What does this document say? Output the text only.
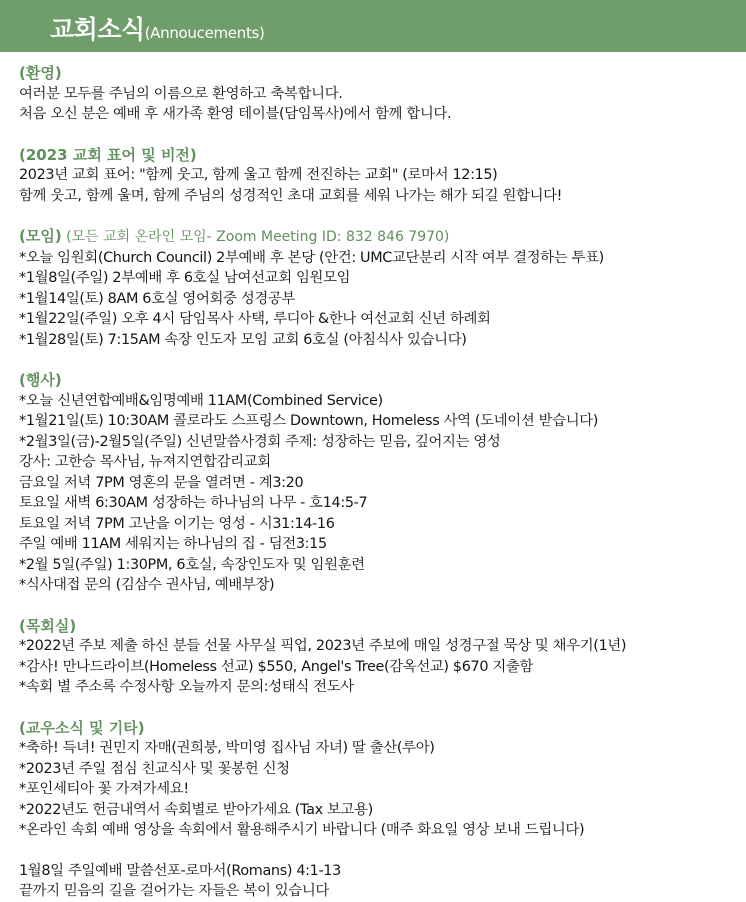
교회소식(Annoucements)
(환영)
여러분 모두를 주님의 이름으로 환영하고 축복합니다.
처음 오신 분은 예배 후 새가족 환영 테이블(담임목사)에서 함께 합니다.
(2023 교회 표어 및 비전)
2023년 교회 표어: "함께 웃고, 함께 울고 함께 전진하는 교회" (로마서 12:15)
함께 웃고, 함께 울며, 함께 주님의 성경적인 초대 교회를 세워 나가는 해가 되길 원합니다!
(모임) (모든 교회 온라인 모임- Zoom Meeting ID: 832 846 7970)
*오늘 임원회(Church Council) 2부예배 후 본당 (안건: UMC교단분리 시작 여부 결정하는 투표)
*1월8일(주일) 2부예배 후 6호실 남여선교회 임원모임
*1월14일(토) 8AM 6호실 영어회중 성경공부
*1월22일(주일) 오후 4시 담임목사 사택, 루디아 &한나 여선교회 신년 하례회
*1월28일(토) 7:15AM 속장 인도자 모임 교회 6호실 (아침식사 있습니다)
(행사)
*오늘 신년연합예배&임명예배 11AM(Combined Service)
*1월21일(토) 10:30AM 콜로라도 스프링스 Downtown, Homeless 사역 (도네이션 받습니다)
*2월3일(금)-2월5일(주일) 신년말씀사경회 주제: 성장하는 믿음, 깊어지는 영성
강사: 고한승 목사님, 뉴져지연합감리교회
금요일 저녁 7PM 영혼의 문을 열려면 - 계3:20
토요일 새벽 6:30AM 성장하는 하나님의 나무 - 호14:5-7
토요일 저녁 7PM 고난을 이기는 영성 - 시31:14-16
주일 예배 11AM 세워지는 하나님의 집 - 딤전3:15
*2월 5일(주일) 1:30PM, 6호실, 속장인도자 및 임원훈련
*식사대접 문의 (김삼수 권사님, 예배부장)
(목회실)
*2022년 주보 제출 하신 분들 선물 사무실 픽업, 2023년 주보에 매일 성경구절 묵상 및 채우기(1년)
*감사! 만나드라이브(Homeless 선교) $550, Angel's Tree(감옥선교) $670 지출함
*속회 별 주소록 수정사항 오늘까지 문의:성태식 전도사
(교우소식 및 기타)
*축하! 득녀! 권민지 자매(권희붕, 박미영 집사님 자녀) 딸 출산(루아)
*2023년 주일 점심 친교식사 및 꽃봉헌 신청
*포인세티아 꽃 가져가세요!
*2022년도 헌금내역서 속회별로 받아가세요 (Tax 보고용)
*온라인 속회 예배 영상을 속회에서 활용해주시기 바랍니다 (매주 화요일 영상 보내 드립니다)
1월8일 주일예배 말씀선포-로마서(Romans) 4:1-13
끝까지 믿음의 길을 걸어가는 자들은 복이 있습니다
